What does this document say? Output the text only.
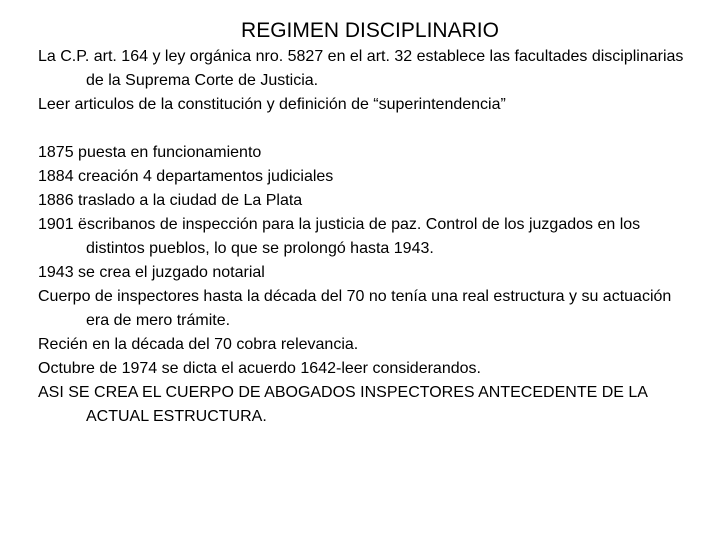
REGIMEN DISCIPLINARIO

La C.P. art. 164 y ley orgánica nro. 5827 en el art. 32 establece las facultades disciplinarias de la Suprema Corte de Justicia.

Leer articulos de la constitución y definición de “superintendencia”

1875 puesta en funcionamiento

1884 creación 4 departamentos judiciales

1886 traslado a la ciudad de La Plata

1901 ëscribanos de inspección para la justicia de paz. Control de los juzgados en los distintos pueblos, lo que se prolongó hasta 1943.

1943 se crea el juzgado notarial

Cuerpo de inspectores hasta la década del 70 no tenía una real estructura y su actuación era de mero trámite.

Recién en la década del 70 cobra relevancia.

Octubre de 1974 se dicta el acuerdo 1642-leer considerandos.

ASI SE CREA EL CUERPO DE ABOGADOS INSPECTORES ANTECEDENTE DE LA ACTUAL ESTRUCTURA.
